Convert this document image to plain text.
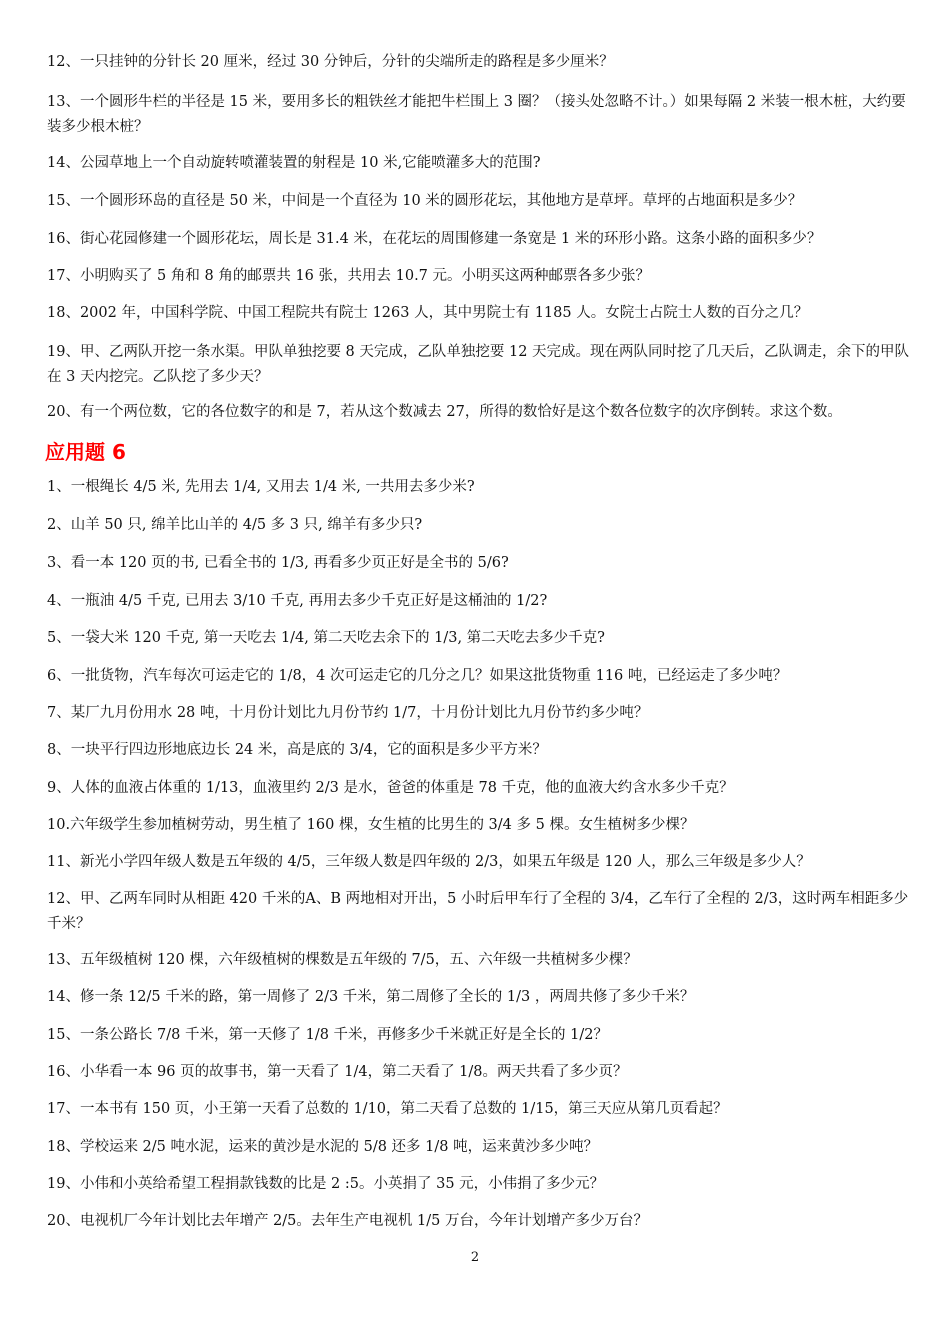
12、一只挂钟的分针长 20 厘米，经过 30 分钟后，分针的尖端所走的路程是多少厘米？

13、一个圆形牛栏的半径是 15 米，要用多长的粗铁丝才能把牛栏围上 3 圈？（接头处忽略不计。）如果每隔 2 米装一根木桩，大约要装多少根木桩？

14、公园草地上一个自动旋转喷灌装置的射程是 10 米,它能喷灌多大的范围?

15、一个圆形环岛的直径是 50 米，中间是一个直径为 10 米的圆形花坛，其他地方是草坪。草坪的占地面积是多少？

16、街心花园修建一个圆形花坛，周长是 31.4 米，在花坛的周围修建一条宽是 1 米的环形小路。这条小路的面积多少？

17、小明购买了 5 角和 8 角的邮票共 16 张，共用去 10.7 元。小明买这两种邮票各多少张？

18、2002 年，中国科学院、中国工程院共有院士 1263 人，其中男院士有 1185 人。女院士占院士人数的百分之几？

19、甲、乙两队开挖一条水渠。甲队单独挖要 8 天完成，乙队单独挖要 12 天完成。现在两队同时挖了几天后，乙队调走，余下的甲队在 3 天内挖完。乙队挖了多少天？

20、有一个两位数，它的各位数字的和是 7，若从这个数减去 27，所得的数恰好是这个数各位数字的次序倒转。求这个数。

应用题 6

1、一根绳长 4/5 米, 先用去 1/4, 又用去 1/4 米, 一共用去多少米?

2、山羊 50 只, 绵羊比山羊的 4/5 多 3 只, 绵羊有多少只?

3、看一本 120 页的书, 已看全书的 1/3, 再看多少页正好是全书的 5/6?

4、一瓶油 4/5 千克, 已用去 3/10 千克, 再用去多少千克正好是这桶油的 1/2?

5、一袋大米 120 千克, 第一天吃去 1/4, 第二天吃去余下的 1/3, 第二天吃去多少千克?

6、一批货物，汽车每次可运走它的 1/8，4 次可运走它的几分之几？如果这批货物重 116 吨，已经运走了多少吨？

7、某厂九月份用水 28 吨，十月份计划比九月份节约 1/7，十月份计划比九月份节约多少吨？

8、一块平行四边形地底边长 24 米，高是底的 3/4，它的面积是多少平方米？

9、人体的血液占体重的 1/13，血液里约 2/3 是水，爸爸的体重是 78 千克，他的血液大约含水多少千克？

10.六年级学生参加植树劳动，男生植了 160 棵，女生植的比男生的 3/4 多 5 棵。女生植树多少棵？

11、新光小学四年级人数是五年级的 4/5，三年级人数是四年级的 2/3，如果五年级是 120 人，那么三年级是多少人？

12、甲、乙两车同时从相距 420 千米的A、B 两地相对开出，5 小时后甲车行了全程的 3/4，乙车行了全程的 2/3，这时两车相距多少千米？

13、五年级植树 120 棵，六年级植树的棵数是五年级的 7/5，五、六年级一共植树多少棵？

14、修一条 12/5 千米的路，第一周修了 2/3 千米，第二周修了全长的 1/3 ，两周共修了多少千米？

15、一条公路长 7/8 千米，第一天修了 1/8 千米，再修多少千米就正好是全长的 1/2？

16、小华看一本 96 页的故事书，第一天看了 1/4，第二天看了 1/8。两天共看了多少页？

17、一本书有 150 页，小王第一天看了总数的 1/10，第二天看了总数的 1/15，第三天应从第几页看起？

18、学校运来 2/5 吨水泥，运来的黄沙是水泥的 5/8 还多 1/8 吨，运来黄沙多少吨？

19、小伟和小英给希望工程捐款钱数的比是 2 :5。小英捐了 35 元，小伟捐了多少元？

20、电视机厂今年计划比去年增产 2/5。去年生产电视机 1/5 万台，今年计划增产多少万台？

2
